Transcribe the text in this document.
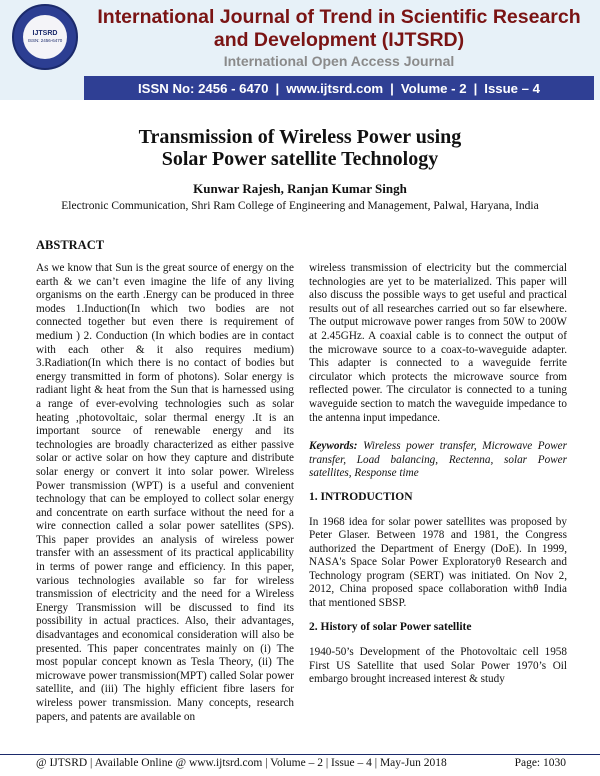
IJTSRD
ISSN: 2456-6470
International Journal of Trend in Scientific Research and Development (IJTSRD)
International Open Access Journal
ISSN No: 2456 - 6470 | www.ijtsrd.com | Volume - 2 | Issue – 4
Transmission of Wireless Power using
Solar Power satellite Technology
Kunwar Rajesh, Ranjan Kumar Singh
Electronic Communication, Shri Ram College of Engineering and Management, Palwal, Haryana, India
ABSTRACT

As we know that Sun is the great source of energy on the earth & we can’t even imagine the life of any living organisms on the earth .Energy can be produced in three modes 1.Induction(In which two bodies are not connected together but even there is requirement of medium ) 2. Conduction (In which bodies are in contact with each other & it also requires medium) 3.Radiation(In which there is no contact of bodies but energy transmitted in form of photons). Solar energy is radiant light & heat from the Sun that is harnessed using a range of ever-evolving technologies such as solar heating ,photovoltaic, solar thermal energy .It is an important source of renewable energy and its technologies are broadly characterized as either passive solar or active solar on how they capture and distribute solar energy or convert it into solar power. Wireless Power transmission (WPT) is a useful and convenient technology that can be employed to collect solar energy and concentrate on earth surface without the need for a wire connection called a solar power satellites (SPS). This paper provides an analysis of wireless power transfer with an assessment of its practical applicability in terms of power range and efficiency. In this paper, various technologies available so far for wireless transmission of electricity and the need for a Wireless Energy Transmission will be discussed to find its possibility in actual practices. Also, their advantages, disadvantages and economical consideration will also be presented. This paper concentrates mainly on (i) The most popular concept known as Tesla Theory, (ii) The microwave power transmission(MPT) called Solar power satellite, and (iii) The highly efficient fibre lasers for wireless power transmission. Many concepts, research papers, and patents are available on

wireless transmission of electricity but the commercial technologies are yet to be materialized. This paper will also discuss the possible ways to get useful and practical results out of all researches carried out so far elsewhere. The output microwave power ranges from 50W to 200W at 2.45GHz. A coaxial cable is to connect the output of the microwave source to a coax-to-waveguide adapter. This adapter is connected to a waveguide ferrite circulator which protects the microwave source from reflected power. The circulator is connected to a tuning waveguide section to match the waveguide impedance to the antenna input impedance.

Keywords: Wireless power transfer, Microwave Power transfer, Load balancing, Rectenna, solar Power satellites, Response time

1. INTRODUCTION

In 1968 idea for solar power satellites was proposed by Peter Glaser. Between 1978 and 1981, the Congress authorized the Department of Energy (DoE). In 1999, NASA's Space Solar Power Exploratoryθ Research and Technology program (SERT) was initiated. On Nov 2, 2012, China proposed space collaboration withθ India that mentioned SBSP.

2. History of solar Power satellite

1940-50’s Development of the Photovoltaic cell 1958 First US Satellite that used Solar Power 1970’s Oil embargo brought increased interest & study

@ IJTSRD | Available Online @ www.ijtsrd.com | Volume – 2 | Issue – 4 | May-Jun 2018	Page: 1030
